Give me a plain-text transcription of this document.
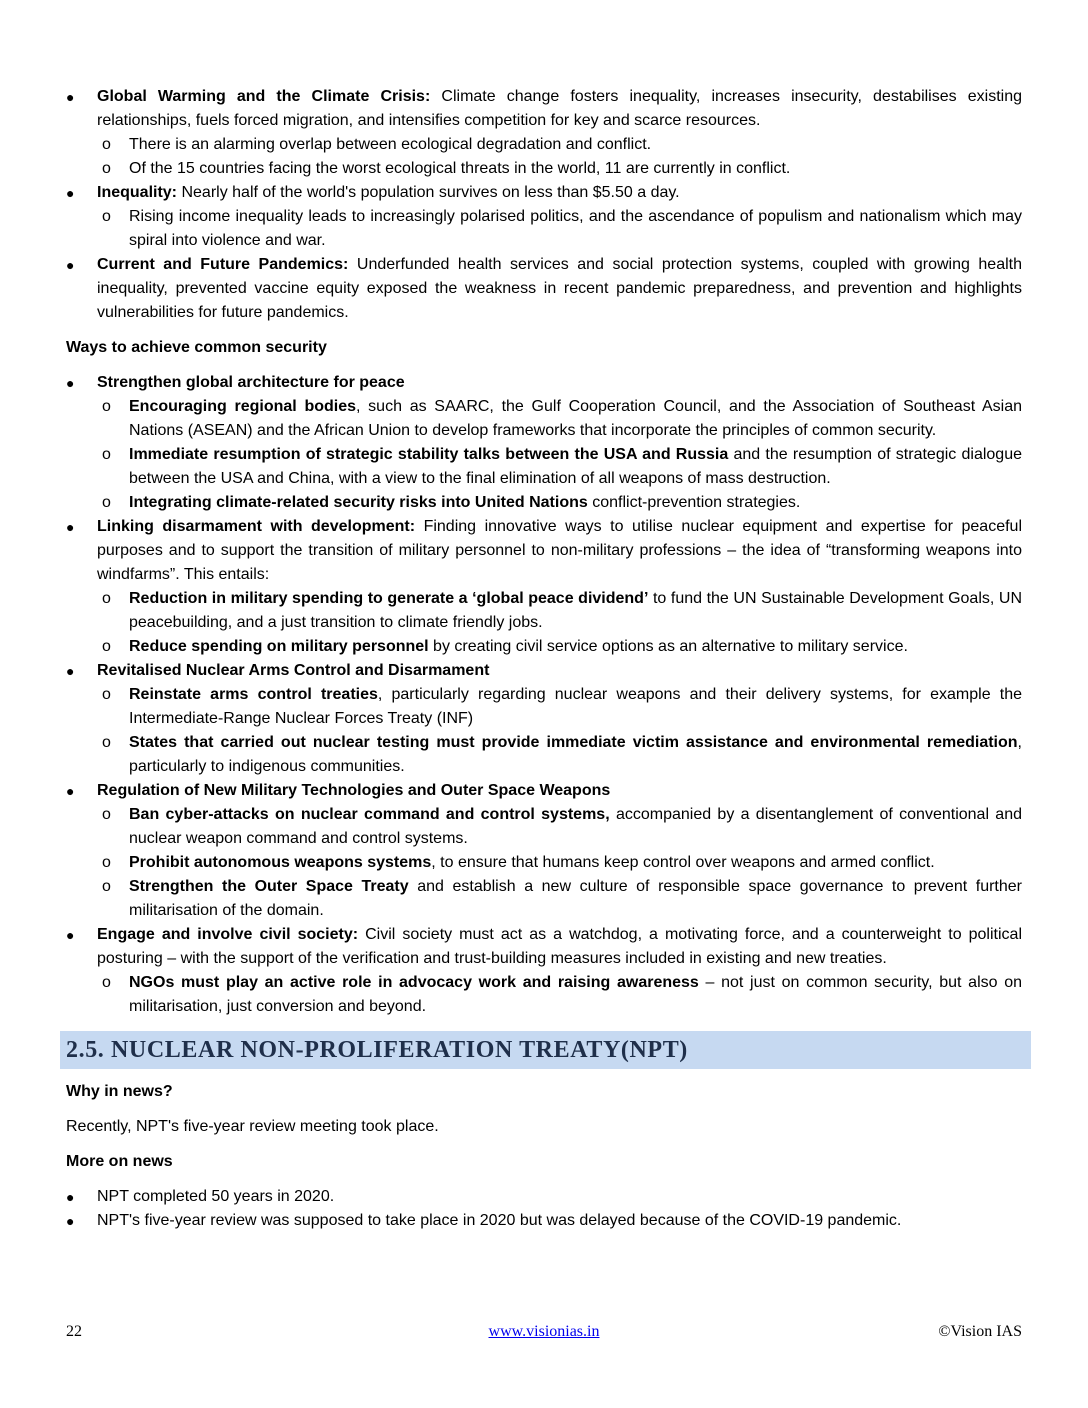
● Global Warming and the Climate Crisis: Climate change fosters inequality, increases insecurity, destabilises existing relationships, fuels forced migration, and intensifies competition for key and scarce resources.
o There is an alarming overlap between ecological degradation and conflict.
o Of the 15 countries facing the worst ecological threats in the world, 11 are currently in conflict.
● Inequality: Nearly half of the world's population survives on less than $5.50 a day.
o Rising income inequality leads to increasingly polarised politics, and the ascendance of populism and nationalism which may spiral into violence and war.
● Current and Future Pandemics: Underfunded health services and social protection systems, coupled with growing health inequality, prevented vaccine equity exposed the weakness in recent pandemic preparedness, and prevention and highlights vulnerabilities for future pandemics.
Ways to achieve common security
● Strengthen global architecture for peace
o Encouraging regional bodies, such as SAARC, the Gulf Cooperation Council, and the Association of Southeast Asian Nations (ASEAN) and the African Union to develop frameworks that incorporate the principles of common security.
o Immediate resumption of strategic stability talks between the USA and Russia and the resumption of strategic dialogue between the USA and China, with a view to the final elimination of all weapons of mass destruction.
o Integrating climate-related security risks into United Nations conflict-prevention strategies.
● Linking disarmament with development: Finding innovative ways to utilise nuclear equipment and expertise for peaceful purposes and to support the transition of military personnel to non-military professions – the idea of “transforming weapons into windfarms”. This entails:
o Reduction in military spending to generate a ‘global peace dividend’ to fund the UN Sustainable Development Goals, UN peacebuilding, and a just transition to climate friendly jobs.
o Reduce spending on military personnel by creating civil service options as an alternative to military service.
● Revitalised Nuclear Arms Control and Disarmament
o Reinstate arms control treaties, particularly regarding nuclear weapons and their delivery systems, for example the Intermediate-Range Nuclear Forces Treaty (INF)
o States that carried out nuclear testing must provide immediate victim assistance and environmental remediation, particularly to indigenous communities.
● Regulation of New Military Technologies and Outer Space Weapons
o Ban cyber-attacks on nuclear command and control systems, accompanied by a disentanglement of conventional and nuclear weapon command and control systems.
o Prohibit autonomous weapons systems, to ensure that humans keep control over weapons and armed conflict.
o Strengthen the Outer Space Treaty and establish a new culture of responsible space governance to prevent further militarisation of the domain.
● Engage and involve civil society: Civil society must act as a watchdog, a motivating force, and a counterweight to political posturing – with the support of the verification and trust-building measures included in existing and new treaties.
o NGOs must play an active role in advocacy work and raising awareness – not just on common security, but also on militarisation, just conversion and beyond.
2.5. NUCLEAR NON-PROLIFERATION TREATY(NPT)
Why in news?
Recently, NPT's five-year review meeting took place.
More on news
● NPT completed 50 years in 2020.
● NPT's five-year review was supposed to take place in 2020 but was delayed because of the COVID-19 pandemic.
22	www.visionias.in	©Vision IAS
